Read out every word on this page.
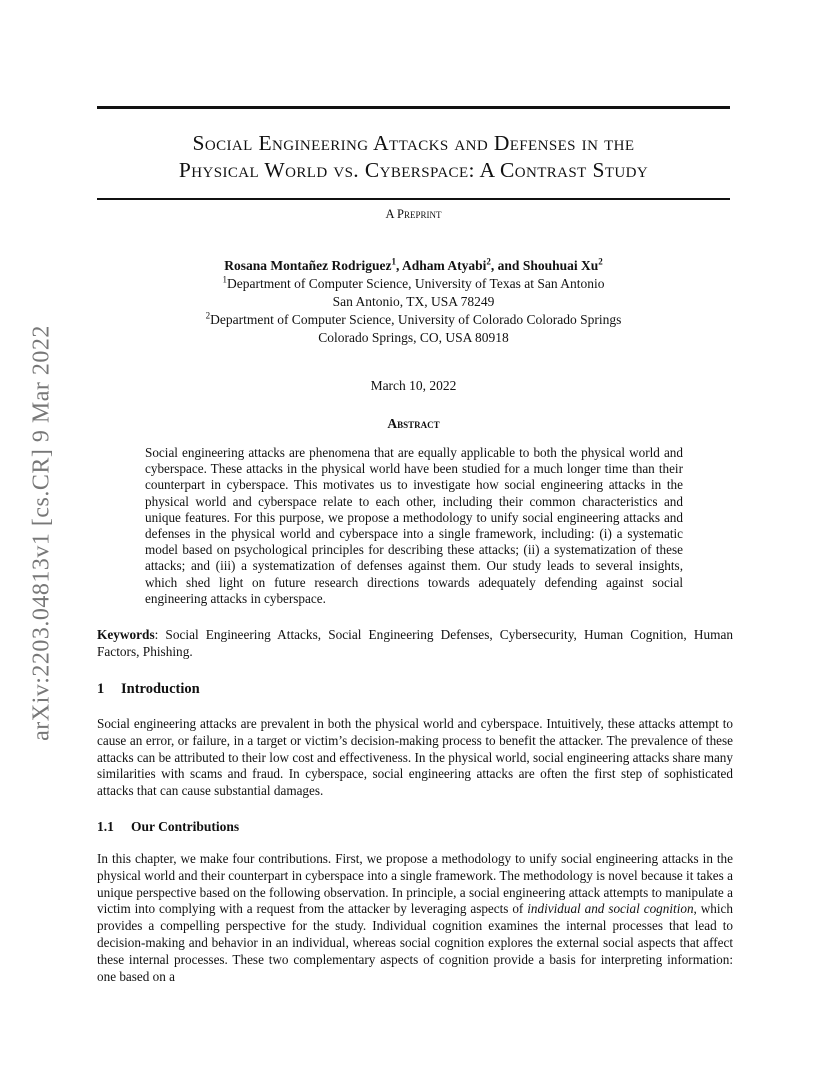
arXiv:2203.04813v1 [cs.CR] 9 Mar 2022
Social Engineering Attacks and Defenses in the
Physical World vs. Cyberspace: A Contrast Study
A Preprint
Rosana Montañez Rodriguez$^1$, Adham Atyabi$^2$, and Shouhuai Xu$^2$
$^1$Department of Computer Science, University of Texas at San Antonio
San Antonio, TX, USA 78249
$^2$Department of Computer Science, University of Colorado Colorado Springs
Colorado Springs, CO, USA 80918
March 10, 2022
Abstract

Social engineering attacks are phenomena that are equally applicable to both the physical world and cyberspace. These attacks in the physical world have been studied for a much longer time than their counterpart in cyberspace. This motivates us to investigate how social engineering attacks in the physical world and cyberspace relate to each other, including their common characteristics and unique features. For this purpose, we propose a methodology to unify social engineering attacks and defenses in the physical world and cyberspace into a single framework, including: (i) a systematic model based on psychological principles for describing these attacks; (ii) a systematization of these attacks; and (iii) a systematization of defenses against them. Our study leads to several insights, which shed light on future research directions towards adequately defending against social engineering attacks in cyberspace.

Keywords: Social Engineering Attacks, Social Engineering Defenses, Cybersecurity, Human Cognition, Human Factors, Phishing.

1 Introduction

Social engineering attacks are prevalent in both the physical world and cyberspace. Intuitively, these attacks attempt to cause an error, or failure, in a target or victim’s decision-making process to benefit the attacker. The prevalence of these attacks can be attributed to their low cost and effectiveness. In the physical world, social engineering attacks share many similarities with scams and fraud. In cyberspace, social engineering attacks are often the first step of sophisticated attacks that can cause substantial damages.

1.1 Our Contributions

In this chapter, we make four contributions. First, we propose a methodology to unify social engineering attacks in the physical world and their counterpart in cyberspace into a single framework. The methodology is novel because it takes a unique perspective based on the following observation. In principle, a social engineering attack attempts to manipulate a victim into complying with a request from the attacker by leveraging aspects of individual and social cognition, which provides a compelling perspective for the study. Individual cognition examines the internal processes that lead to decision-making and behavior in an individual, whereas social cognition explores the external social aspects that affect these internal processes. These two complementary aspects of cognition provide a basis for interpreting information: one based on a
